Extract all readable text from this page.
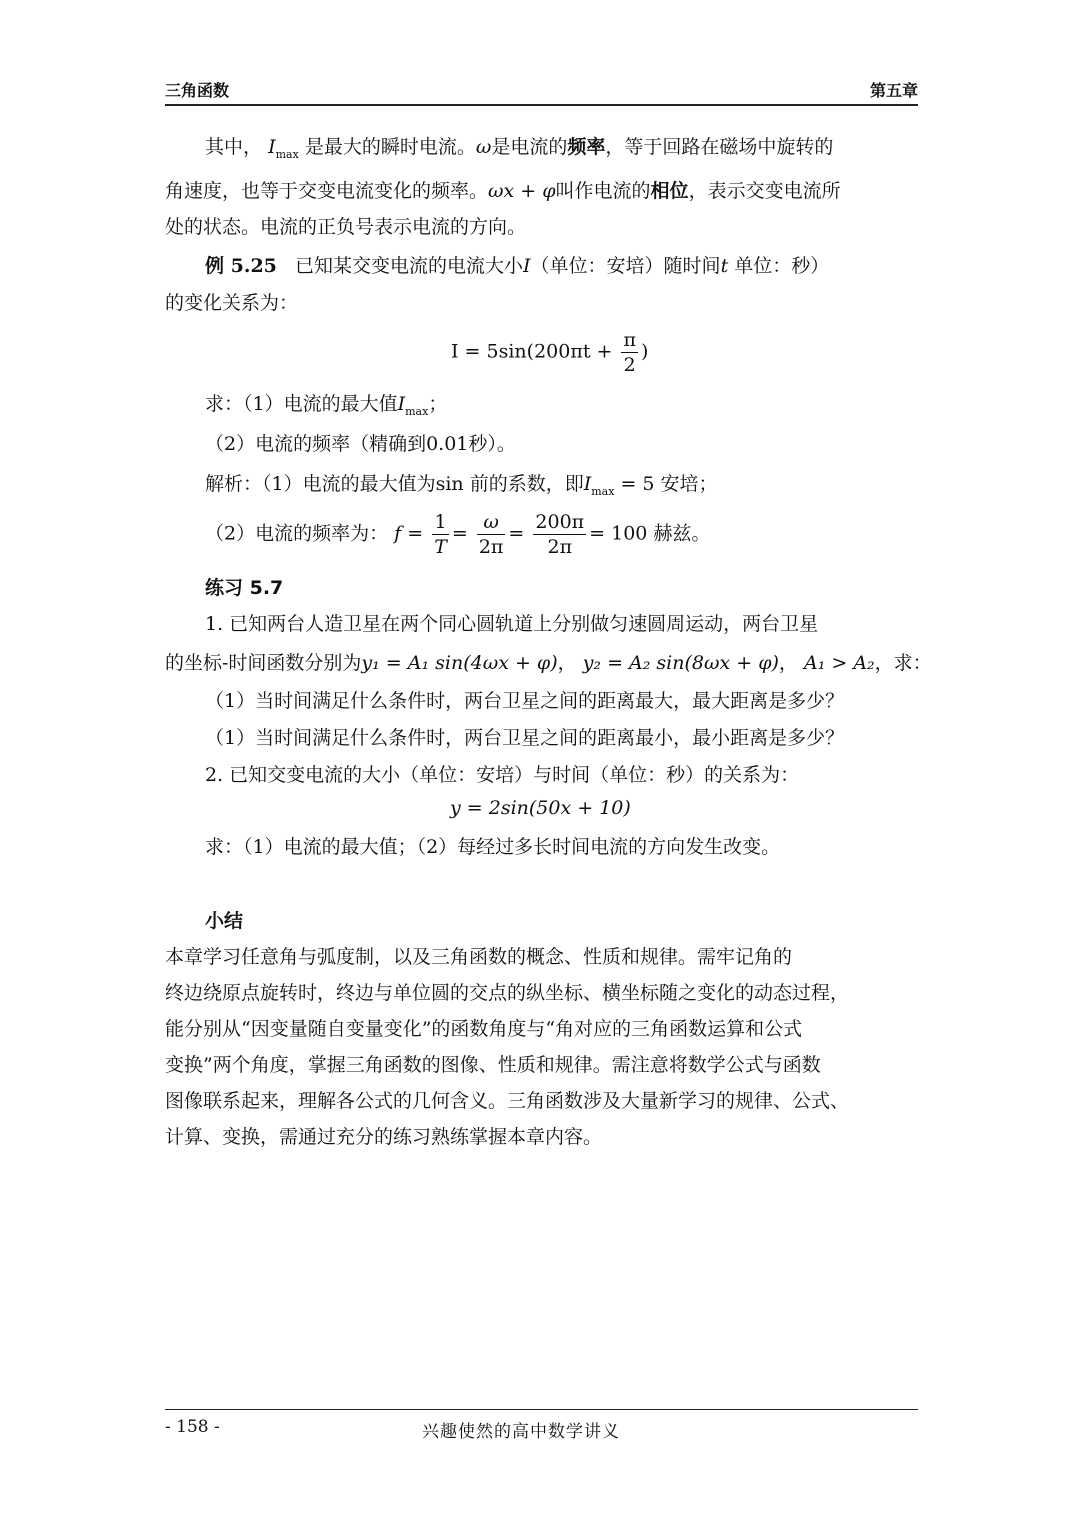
三角函数	第五章
其中， $I_{max}$ 是最大的瞬时电流。ω是电流的频率，等于回路在磁场中旋转的
角速度，也等于交变电流变化的频率。ωx + φ叫作电流的相位，表示交变电流所
处的状态。电流的正负号表示电流的方向。
例 5.25 已知某交变电流的电流大小I（单位：安培）随时间t 单位：秒）
的变化关系为：
$I = 5\sin(200\pi t + \frac{\pi}{2}$ )
求：（1）电流的最大值$I_{max}$；
（2）电流的频率（精确到0.01秒）。
解析：（1）电流的最大值为sin 前的系数，即$I_{max} = 5$ 安培；
（2）电流的频率为： $f = \frac{1}{T} = \frac{\omega}{2\pi} = \frac{200\pi}{2\pi} = 100$ 赫兹。
练习 5.7
1. 已知两台人造卫星在两个同心圆轨道上分别做匀速圆周运动，两台卫星
的坐标-时间函数分别为y₁ = A₁ sin(4ωx + φ)， y₂ = A₂ sin(8ωx + φ)， A₁ > A₂，求：
（1）当时间满足什么条件时，两台卫星之间的距离最大，最大距离是多少？
（1）当时间满足什么条件时，两台卫星之间的距离最小，最小距离是多少？
2. 已知交变电流的大小（单位：安培）与时间（单位：秒）的关系为：
y = 2sin(50x + 10)
求：（1）电流的最大值；（2）每经过多长时间电流的方向发生改变。
小结
本章学习任意角与弧度制，以及三角函数的概念、性质和规律。需牢记角的
终边绕原点旋转时，终边与单位圆的交点的纵坐标、横坐标随之变化的动态过程，
能分别从“因变量随自变量变化”的函数角度与“角对应的三角函数运算和公式
变换”两个角度，掌握三角函数的图像、性质和规律。需注意将数学公式与函数
图像联系起来，理解各公式的几何含义。三角函数涉及大量新学习的规律、公式、
计算、变换，需通过充分的练习熟练掌握本章内容。
- 158 -	兴趣使然的高中数学讲义
